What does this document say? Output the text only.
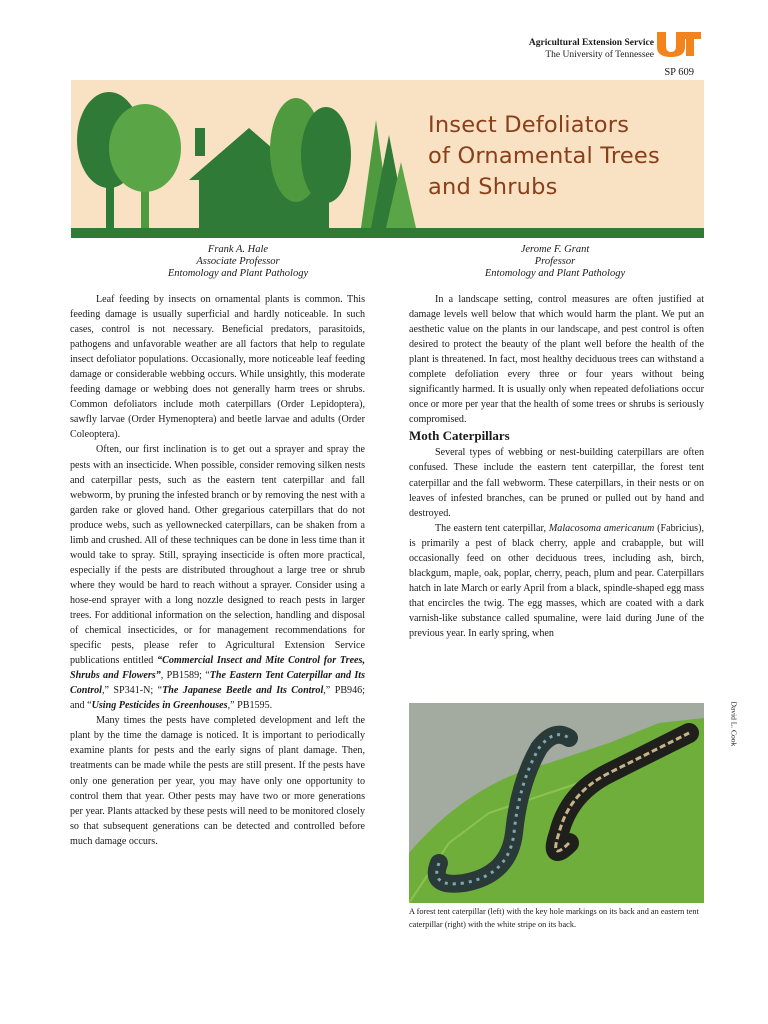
Agricultural Extension Service
The University of Tennessee
SP 609
Insect Defoliators
of Ornamental Trees
and Shrubs
Frank A. Hale
Associate Professor
Entomology and Plant Pathology
Jerome F. Grant
Professor
Entomology and Plant Pathology

Leaf feeding by insects on ornamental plants is common. This feeding damage is usually superficial and hardly noticeable. In such cases, control is not necessary. Beneficial predators, parasitoids, pathogens and unfavorable weather are all factors that help to regulate insect defoliator populations. Occasionally, more noticeable leaf feeding damage or considerable webbing occurs. While unsightly, this moderate feeding damage or webbing does not generally harm trees or shrubs. Common defoliators include moth caterpillars (Order Lepidoptera), sawfly larvae (Order Hymenoptera) and beetle larvae and adults (Order Coleoptera).

Often, our first inclination is to get out a sprayer and spray the pests with an insecticide. When possible, consider removing silken nests and caterpillar pests, such as the eastern tent caterpillar and fall webworm, by pruning the infested branch or by removing the nest with a garden rake or gloved hand. Other gregarious caterpillars that do not produce webs, such as yellownecked caterpillars, can be shaken from a limb and crushed. All of these techniques can be done in less time than it would take to spray. Still, spraying insecticide is often more practical, especially if the pests are distributed throughout a large tree or shrub where they would be hard to reach without a sprayer. Consider using a hose-end sprayer with a long nozzle designed to reach pests in larger trees. For additional information on the selection, handling and disposal of chemical insecticides, or for management recommendations for specific pests, please refer to Agricultural Extension Service publications entitled “Commercial Insect and Mite Control for Trees, Shrubs and Flowers”, PB1589; “The Eastern Tent Caterpillar and Its Control,” SP341-N; “The Japanese Beetle and Its Control,” PB946; and “Using Pesticides in Greenhouses,” PB1595.

Many times the pests have completed development and left the plant by the time the damage is noticed. It is important to periodically examine plants for pests and the early signs of plant damage. Then, treatments can be made while the pests are still present. If the pests have only one generation per year, you may have only one opportunity to control them that year. Other pests may have two or more generations per year. Plants attacked by these pests will need to be monitored closely so that subsequent generations can be detected and controlled before much damage occurs.

In a landscape setting, control measures are often justified at damage levels well below that which would harm the plant. We put an aesthetic value on the plants in our landscape, and pest control is often desired to protect the beauty of the plant well before the health of the plant is threatened. In fact, most healthy deciduous trees can withstand a complete defoliation every three or four years without being significantly harmed. It is usually only when repeated defoliations occur once or more per year that the health of some trees or shrubs is seriously compromised.

Moth Caterpillars

Several types of webbing or nest-building caterpillars are often confused. These include the eastern tent caterpillar, the forest tent caterpillar and the fall webworm. These caterpillars, in their nests or on leaves of infested branches, can be pruned or pulled out by hand and destroyed.

The eastern tent caterpillar, Malacosoma americanum (Fabricius), is primarily a pest of black cherry, apple and crabapple, but will occasionally feed on other deciduous trees, including ash, birch, blackgum, maple, oak, poplar, cherry, peach, plum and pear. Caterpillars hatch in late March or early April from a black, spindle-shaped egg mass that encircles the twig. The egg masses, which are coated with a dark varnish-like substance called spumaline, were laid during June of the previous year. In early spring, when

David L. Cook
A forest tent caterpillar (left) with the key hole markings on its back and an eastern tent caterpillar (right) with the white stripe on its back.
